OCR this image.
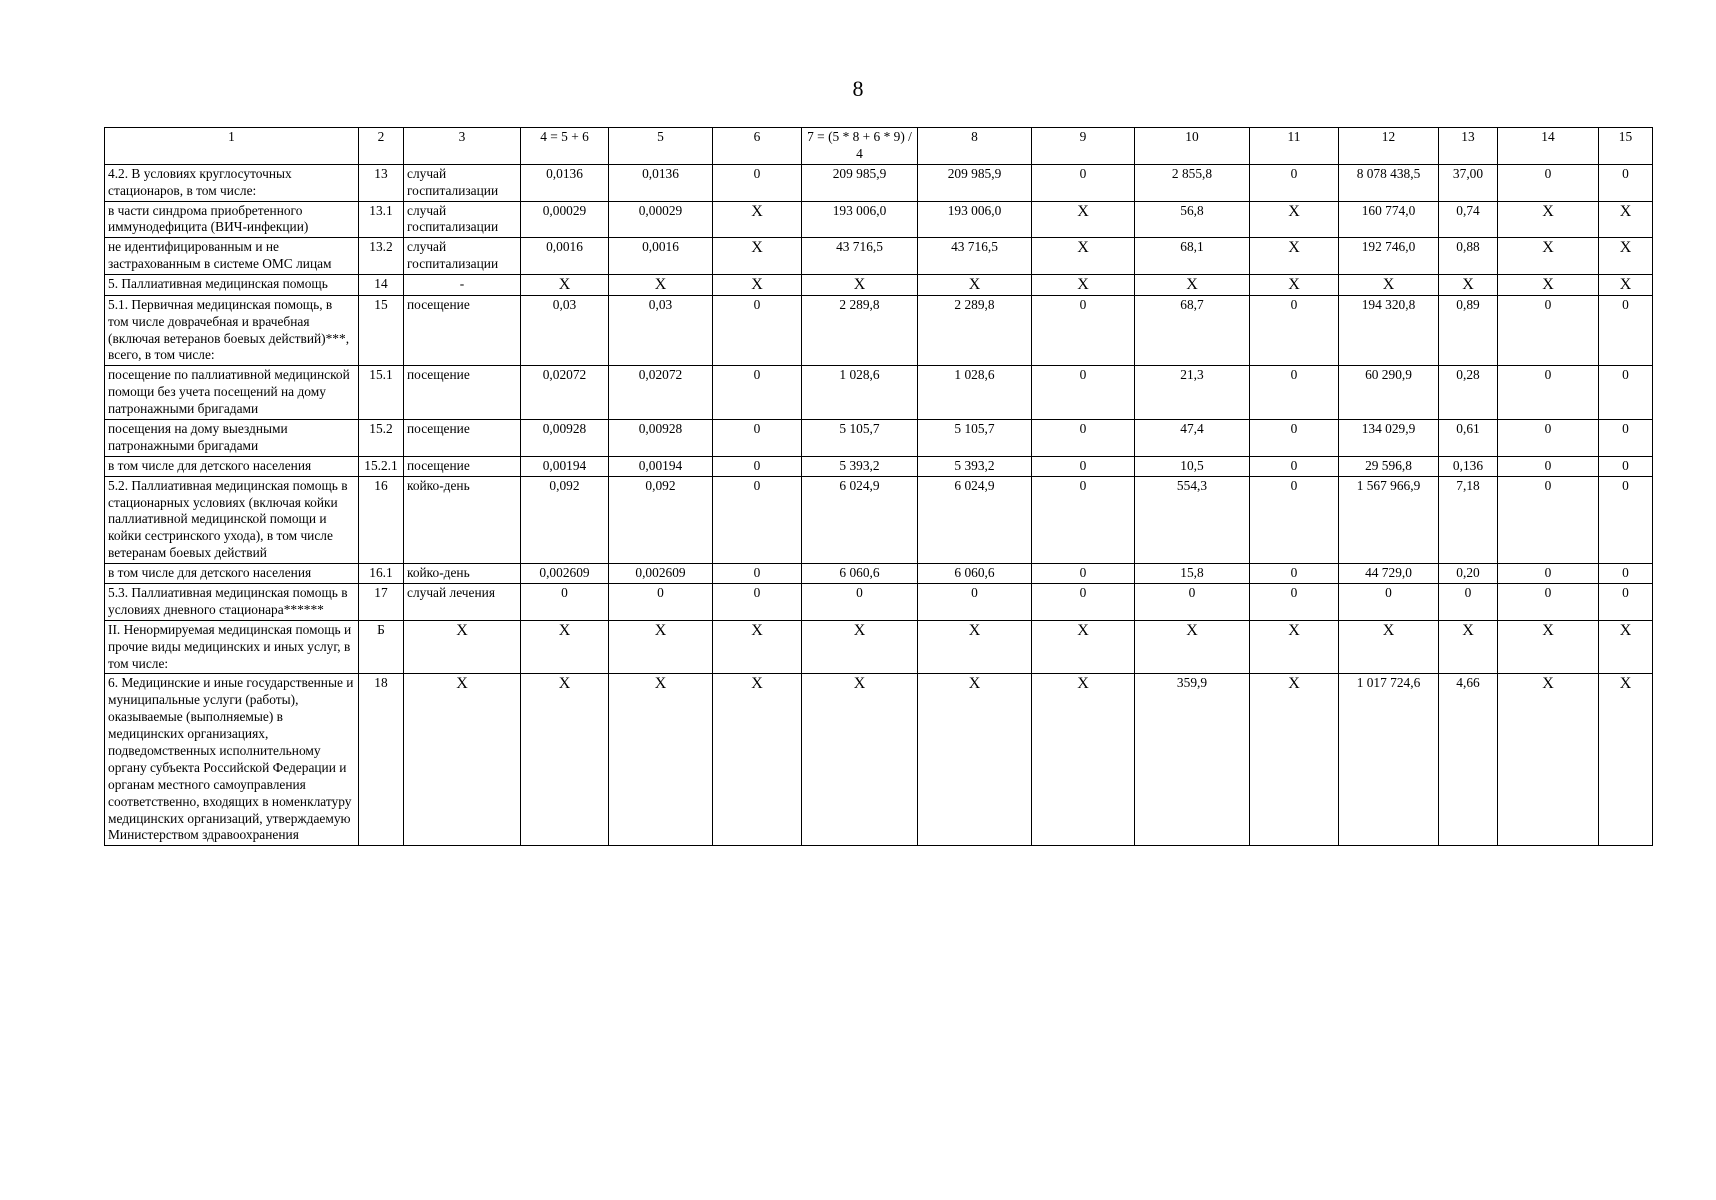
8
1	2	3	4 = 5 + 6	5	6	7 = (5 * 8 + 6 * 9) / 4	8	9	10	11	12	13	14	15
4.2. В условиях круглосуточных стационаров, в том числе:	13	случай госпитализации	0,0136	0,0136	0	209 985,9	209 985,9	0	2 855,8	0	8 078 438,5	37,00	0	0
в части синдрома приобретенного иммунодефицита (ВИЧ-инфекции)	13.1	случай госпитализации	0,00029	0,00029	X	193 006,0	193 006,0	X	56,8	X	160 774,0	0,74	X	X
не идентифицированным и не застрахованным в системе ОМС лицам	13.2	случай госпитализации	0,0016	0,0016	X	43 716,5	43 716,5	X	68,1	X	192 746,0	0,88	X	X
5. Паллиативная медицинская помощь	14	-	X	X	X	X	X	X	X	X	X	X	X	X
5.1. Первичная медицинская помощь, в том числе доврачебная и врачебная (включая ветеранов боевых действий)***, всего, в том числе:	15	посещение	0,03	0,03	0	2 289,8	2 289,8	0	68,7	0	194 320,8	0,89	0	0
посещение по паллиативной медицинской помощи без учета посещений на дому патронажными бригадами	15.1	посещение	0,02072	0,02072	0	1 028,6	1 028,6	0	21,3	0	60 290,9	0,28	0	0
посещения на дому выездными патронажными бригадами	15.2	посещение	0,00928	0,00928	0	5 105,7	5 105,7	0	47,4	0	134 029,9	0,61	0	0
в том числе для детского населения	15.2.1	посещение	0,00194	0,00194	0	5 393,2	5 393,2	0	10,5	0	29 596,8	0,136	0	0
5.2. Паллиативная медицинская помощь в стационарных условиях (включая койки паллиативной медицинской помощи и койки сестринского ухода), в том числе ветеранам боевых действий	16	койко-день	0,092	0,092	0	6 024,9	6 024,9	0	554,3	0	1 567 966,9	7,18	0	0
в том числе для детского населения	16.1	койко-день	0,002609	0,002609	0	6 060,6	6 060,6	0	15,8	0	44 729,0	0,20	0	0
5.3. Паллиативная медицинская помощь в условиях дневного стационара******	17	случай лечения	0	0	0	0	0	0	0	0	0	0	0	0
II. Ненормируемая медицинская помощь и прочие виды медицинских и иных услуг, в том числе:	Б	X	X	X	X	X	X	X	X	X	X	X	X	X
6. Медицинские и иные государственные и муниципальные услуги (работы), оказываемые (выполняемые) в медицинских организациях, подведомственных исполнительному органу субъекта Российской Федерации и органам местного самоуправления соответственно, входящих в номенклатуру медицинских организаций, утверждаемую Министерством здравоохранения	18	X	X	X	X	X	X	X	359,9	X	1 017 724,6	4,66	X	X
